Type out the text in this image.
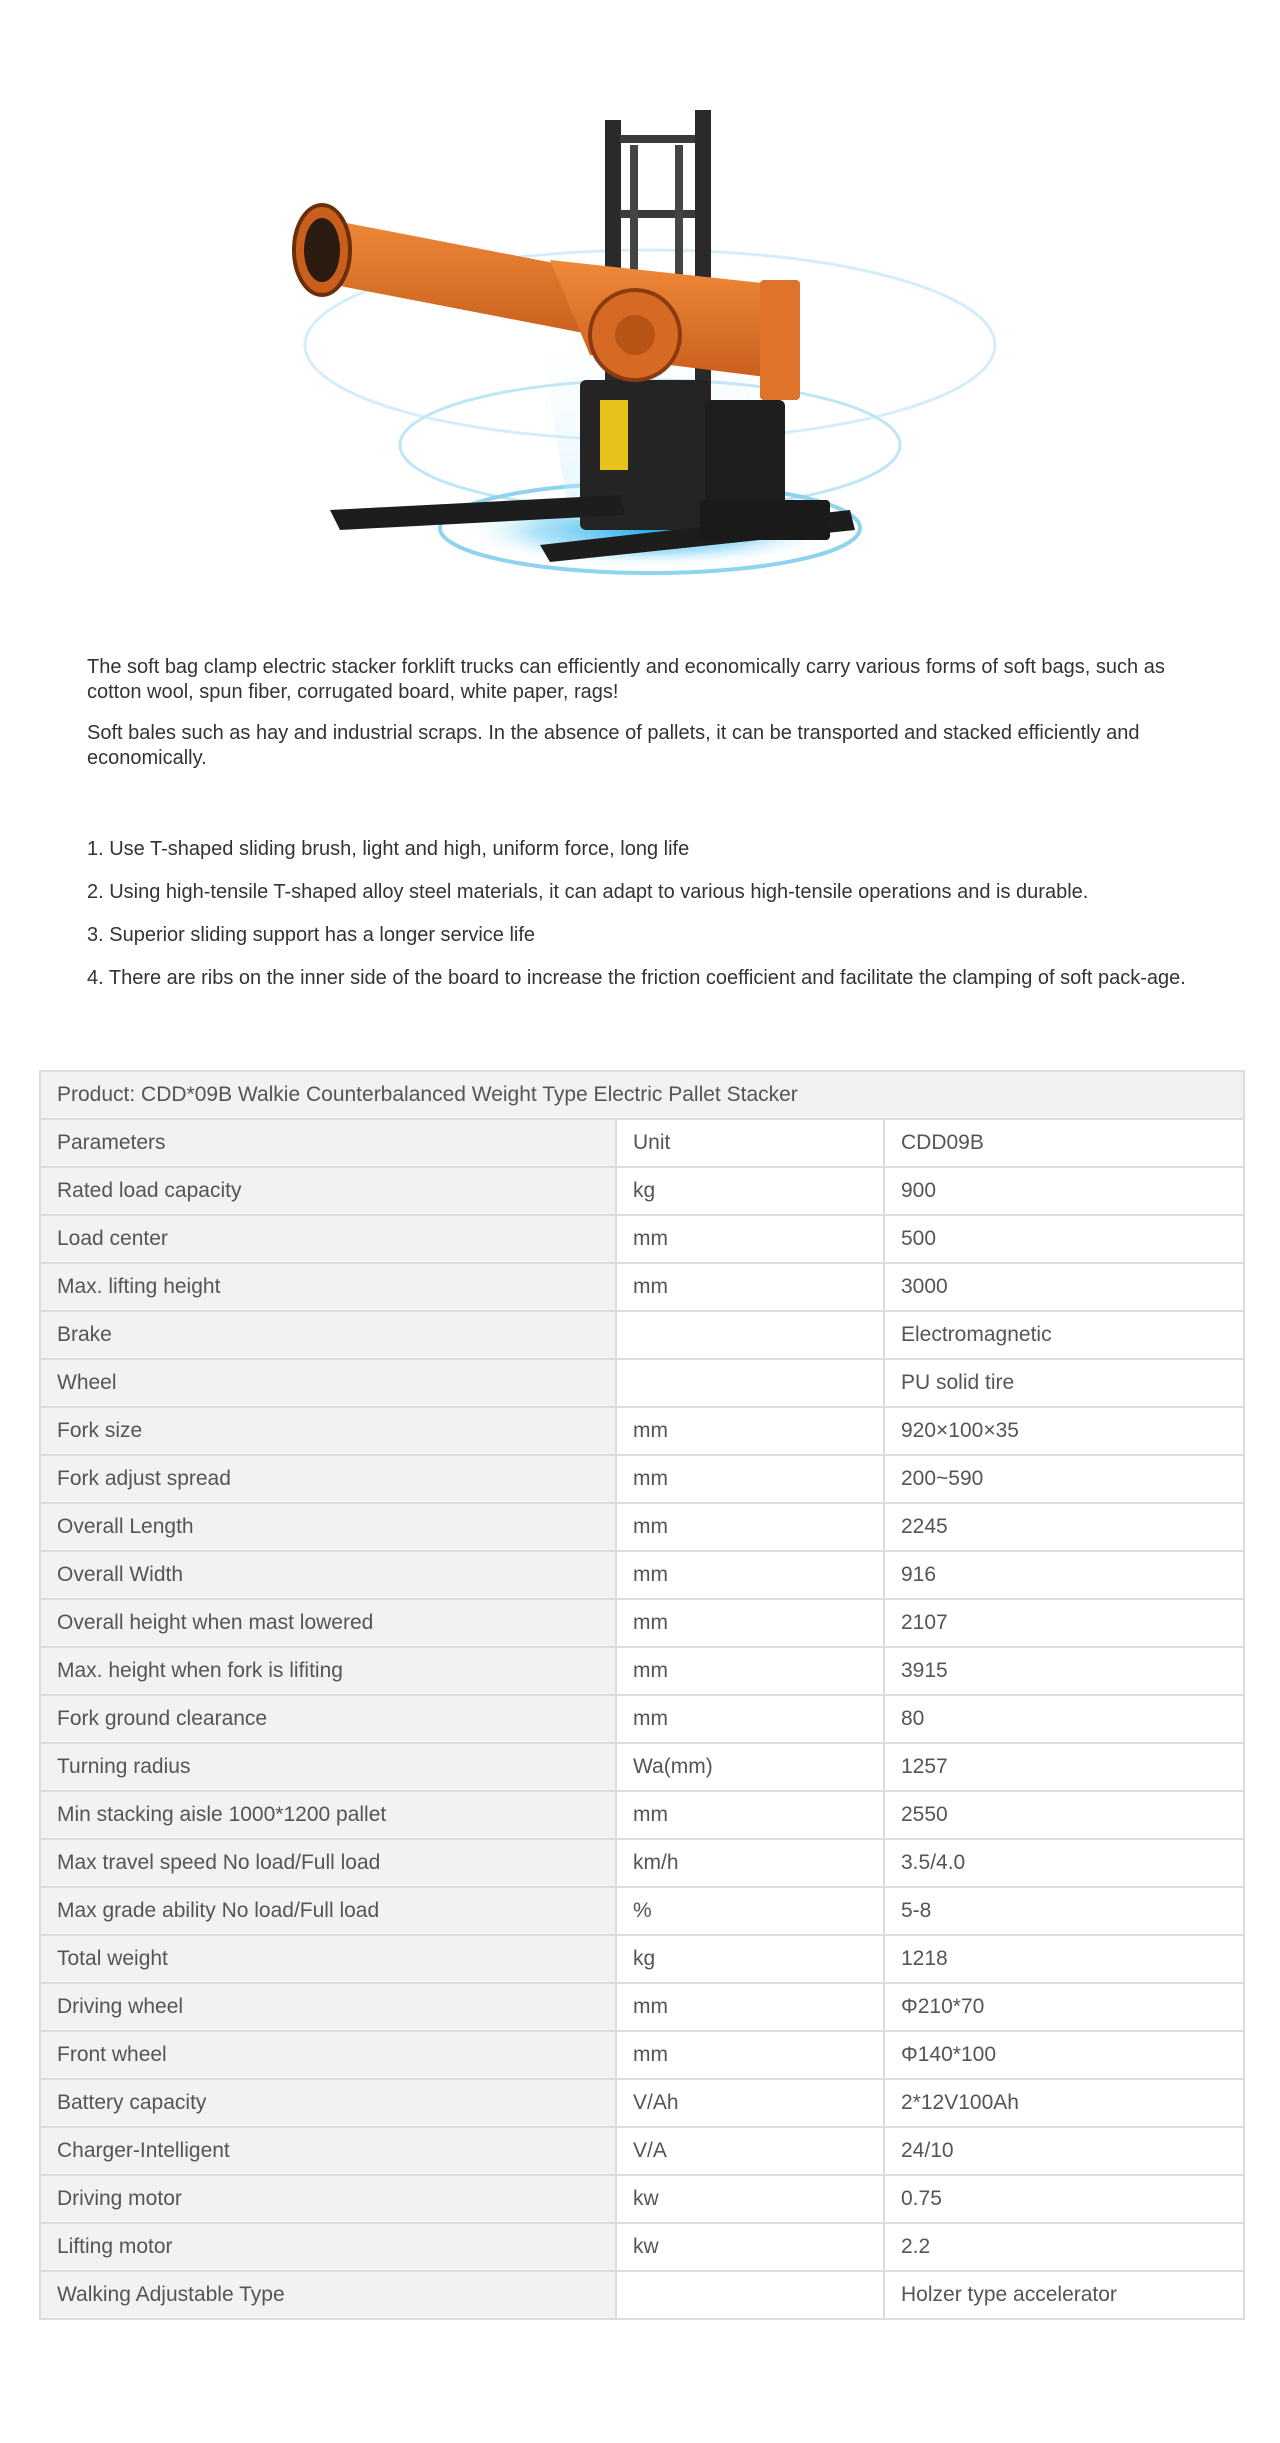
The soft bag clamp electric stacker forklift trucks can efficiently and economically carry various forms of soft bags, such as cotton wool, spun fiber, corrugated board, white paper, rags!

Soft bales such as hay and industrial scraps. In the absence of pallets, it can be transported and stacked efficiently and economically.

1. Use T-shaped sliding brush, light and high, uniform force, long life

2. Using high-tensile T-shaped alloy steel materials, it can adapt to various high-tensile operations and is durable.

3. Superior sliding support has a longer service life

4. There are ribs on the inner side of the board to increase the friction coefficient and facilitate the clamping of soft pack-age.

Product: CDD*09B Walkie Counterbalanced Weight Type Electric Pallet Stacker		
Parameters	Unit	CDD09B
Rated load capacity	kg	900
Load center	mm	500
Max. lifting height	mm	3000
Brake		Electromagnetic
Wheel		PU solid tire
Fork size	mm	920×100×35
Fork adjust spread	mm	200~590
Overall Length	mm	2245
Overall Width	mm	916
Overall height when mast lowered	mm	2107
Max. height when fork is lifiting	mm	3915
Fork ground clearance	mm	80
Turning radius	Wa(mm)	1257
Min stacking aisle 1000*1200 pallet	mm	2550
Max travel speed No load/Full load	km/h	3.5/4.0
Max grade ability No load/Full load	%	5-8
Total weight	kg	1218
Driving wheel	mm	Φ210*70
Front wheel	mm	Φ140*100
Battery capacity	V/Ah	2*12V100Ah
Charger-Intelligent	V/A	24/10
Driving motor	kw	0.75
Lifting motor	kw	2.2
Walking Adjustable Type		Holzer type accelerator
